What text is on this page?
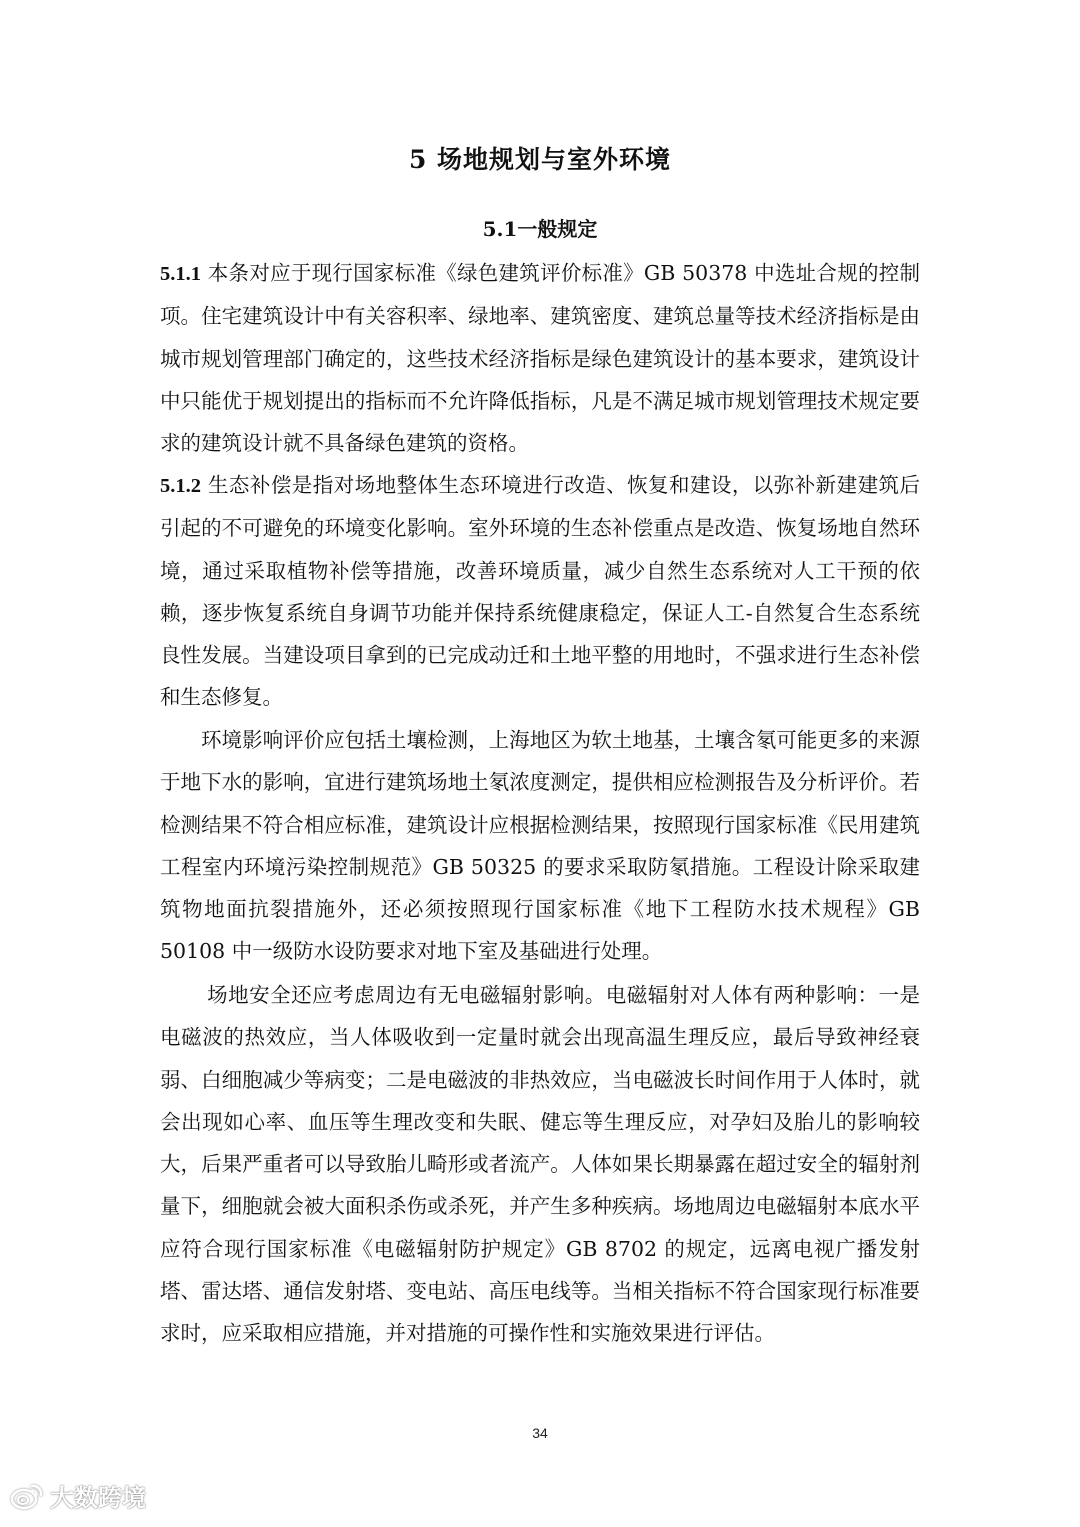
5 场地规划与室外环境
5.1一般规定

5.1.1 本条对应于现行国家标准《绿色建筑评价标准》GB 50378 中选址合规的控制项。住宅建筑设计中有关容积率、绿地率、建筑密度、建筑总量等技术经济指标是由城市规划管理部门确定的，这些技术经济指标是绿色建筑设计的基本要求，建筑设计中只能优于规划提出的指标而不允许降低指标，凡是不满足城市规划管理技术规定要求的建筑设计就不具备绿色建筑的资格。

5.1.2 生态补偿是指对场地整体生态环境进行改造、恢复和建设，以弥补新建建筑后引起的不可避免的环境变化影响。室外环境的生态补偿重点是改造、恢复场地自然环境，通过采取植物补偿等措施，改善环境质量，减少自然生态系统对人工干预的依赖，逐步恢复系统自身调节功能并保持系统健康稳定，保证人工-自然复合生态系统良性发展。当建设项目拿到的已完成动迁和土地平整的用地时，不强求进行生态补偿和生态修复。

环境影响评价应包括土壤检测，上海地区为软土地基，土壤含氡可能更多的来源于地下水的影响，宜进行建筑场地土氡浓度测定，提供相应检测报告及分析评价。若检测结果不符合相应标准，建筑设计应根据检测结果，按照现行国家标准《民用建筑工程室内环境污染控制规范》GB 50325 的要求采取防氡措施。工程设计除采取建筑物地面抗裂措施外，还必须按照现行国家标准《地下工程防水技术规程》GB 50108 中一级防水设防要求对地下室及基础进行处理。

场地安全还应考虑周边有无电磁辐射影响。电磁辐射对人体有两种影响：一是电磁波的热效应，当人体吸收到一定量时就会出现高温生理反应，最后导致神经衰弱、白细胞减少等病变；二是电磁波的非热效应，当电磁波长时间作用于人体时，就会出现如心率、血压等生理改变和失眠、健忘等生理反应，对孕妇及胎儿的影响较大，后果严重者可以导致胎儿畸形或者流产。人体如果长期暴露在超过安全的辐射剂量下，细胞就会被大面积杀伤或杀死，并产生多种疾病。场地周边电磁辐射本底水平应符合现行国家标准《电磁辐射防护规定》GB 8702 的规定，远离电视广播发射塔、雷达塔、通信发射塔、变电站、高压电线等。当相关指标不符合国家现行标准要求时，应采取相应措施，并对措施的可操作性和实施效果进行评估。

34
大数跨境
